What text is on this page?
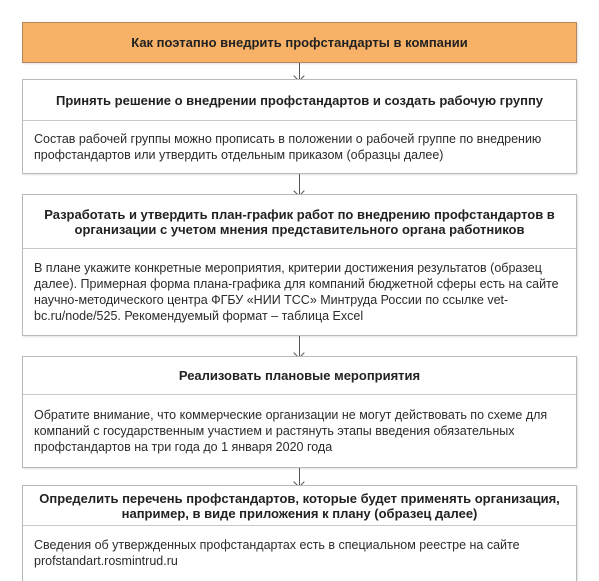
Как поэтапно внедрить профстандарты в компании
Принять решение о внедрении профстандартов и создать рабочую группу
Состав рабочей группы можно прописать в положении о рабочей группе по внедрению профстандартов или утвердить отдельным приказом (образцы далее)
Разработать и утвердить план-график работ по внедрению профстандартов в организации с учетом мнения представительного органа работников
В плане укажите конкретные мероприятия, критерии достижения результатов (образец далее). Примерная форма плана-графика для компаний бюджетной сферы есть на сайте научно-методического центра ФГБУ «НИИ ТСС» Минтруда России по ссылке vet-bc.ru/node/525. Рекомендуемый формат – таблица Excel
Реализовать плановые мероприятия
Обратите внимание, что коммерческие организации не могут действовать по схеме для компаний с государственным участием и растянуть этапы введения обязательных профстандартов на три года до 1 января 2020 года
Определить перечень профстандартов, которые будет применять организация, например, в виде приложения к плану (образец далее)
Сведения об утвержденных профстандартах есть в специальном реестре на сайте profstandart.rosmintrud.ru
